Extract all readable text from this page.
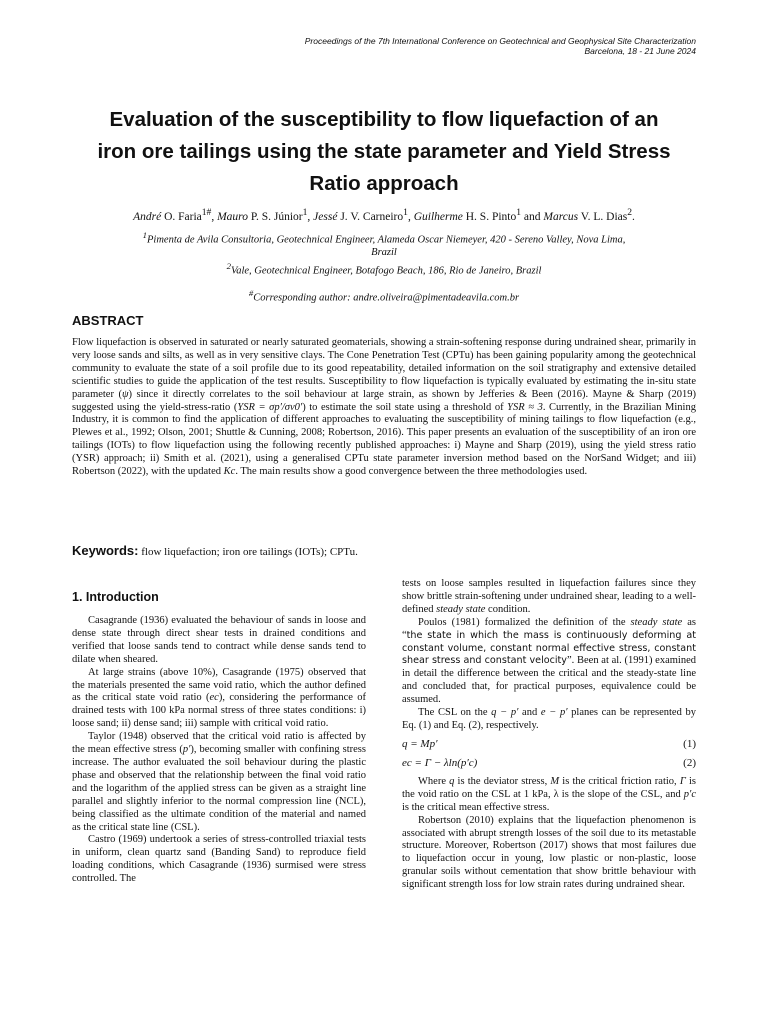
Proceedings of the 7th International Conference on Geotechnical and Geophysical Site Characterization
Barcelona, 18 - 21 June 2024
Evaluation of the susceptibility to flow liquefaction of an
iron ore tailings using the state parameter and Yield Stress
Ratio approach
André O. Faria$^{1\#}$, Mauro P. S. Júnior$^1$, Jessé J. V. Carneiro$^1$, Guilherme H. S. Pinto$^1$ and Marcus V. L. Dias$^2$.
$^1$Pimenta de Avila Consultoria, Geotechnical Engineer, Alameda Oscar Niemeyer, 420 - Sereno Valley, Nova Lima,
Brazil
$^2$Vale, Geotechnical Engineer, Botafogo Beach, 186, Rio de Janeiro, Brazil
#Corresponding author: andre.oliveira@pimentadeavila.com.br
ABSTRACT

Flow liquefaction is observed in saturated or nearly saturated geomaterials, showing a strain-softening response during undrained shear, primarily in very loose sands and silts, as well as in very sensitive clays. The Cone Penetration Test (CPTu) has been gaining popularity among the geotechnical community to evaluate the state of a soil profile due to its good repeatability, detailed information on the soil stratigraphy and extensive detailed scientific studies to guide the application of the test results. Susceptibility to flow liquefaction is typically evaluated by estimating the in-situ state parameter (ψ) since it directly correlates to the soil behaviour at large strain, as shown by Jefferies & Been (2016). Mayne & Sharp (2019) suggested using the yield-stress-ratio (YSR = σp′/σv0′) to estimate the soil state using a threshold of YSR ≈ 3. Currently, in the Brazilian Mining Industry, it is common to find the application of different approaches to evaluating the susceptibility of mining tailings to flow liquefaction (e.g., Plewes et al., 1992; Olson, 2001; Shuttle & Cunning, 2008; Robertson, 2016). This paper presents an evaluation of the susceptibility of an iron ore tailings (IOTs) to flow liquefaction using the following recently published approaches: i) Mayne and Sharp (2019), using the yield stress ratio (YSR) approach; ii) Smith et al. (2021), using a generalised CPTu state parameter inversion method based on the NorSand Widget; and iii) Robertson (2022), with the updated Kc. The main results show a good convergence between the three methodologies used.

Keywords: flow liquefaction; iron ore tailings (IOTs); CPTu.
1. Introduction

Casagrande (1936) evaluated the behaviour of sands in loose and dense state through direct shear tests in drained conditions and verified that loose sands tend to contract while dense sands tend to dilate when sheared.

At large strains (above 10%), Casagrande (1975) observed that the materials presented the same void ratio, which the author defined as the critical state void ratio (ec), considering the performance of drained tests with 100 kPa normal stress of three states conditions: i) loose sand; ii) dense sand; iii) sample with critical void ratio.

Taylor (1948) observed that the critical void ratio is affected by the mean effective stress (p′), becoming smaller with confining stress increase. The author evaluated the soil behaviour during the plastic phase and observed that the relationship between the final void ratio and the logarithm of the applied stress can be given as a straight line parallel and slightly inferior to the normal compression line (NCL), being classified as the ultimate condition of the material and named as the critical state line (CSL).

Castro (1969) undertook a series of stress-controlled triaxial tests in uniform, clean quartz sand (Banding Sand) to reproduce field loading conditions, which Casagrande (1936) surmised were stress controlled. The

tests on loose samples resulted in liquefaction failures since they show brittle strain-softening under undrained shear, leading to a well-defined steady state condition.

Poulos (1981) formalized the definition of the steady state as “the state in which the mass is continuously deforming at constant volume, constant normal effective stress, constant shear stress and constant velocity”. Been at al. (1991) examined in detail the difference between the critical and the steady-state line and concluded that, for practical purposes, equivalence could be assumed.

The CSL on the q − p′ and e − p′ planes can be represented by Eq. (1) and Eq. (2), respectively.

q = Mp′	(1)
ec = Γ − λln(p′c)	(2)

Where q is the deviator stress, M is the critical friction ratio, Γ is the void ratio on the CSL at 1 kPa, λ is the slope of the CSL, and p′c is the critical mean effective stress.

Robertson (2010) explains that the liquefaction phenomenon is associated with abrupt strength losses of the soil due to its metastable structure. Moreover, Robertson (2017) shows that most failures due to liquefaction occur in young, low plastic or non-plastic, loose granular soils without cementation that show brittle behaviour with significant strength loss for low strain rates during undrained shear.
